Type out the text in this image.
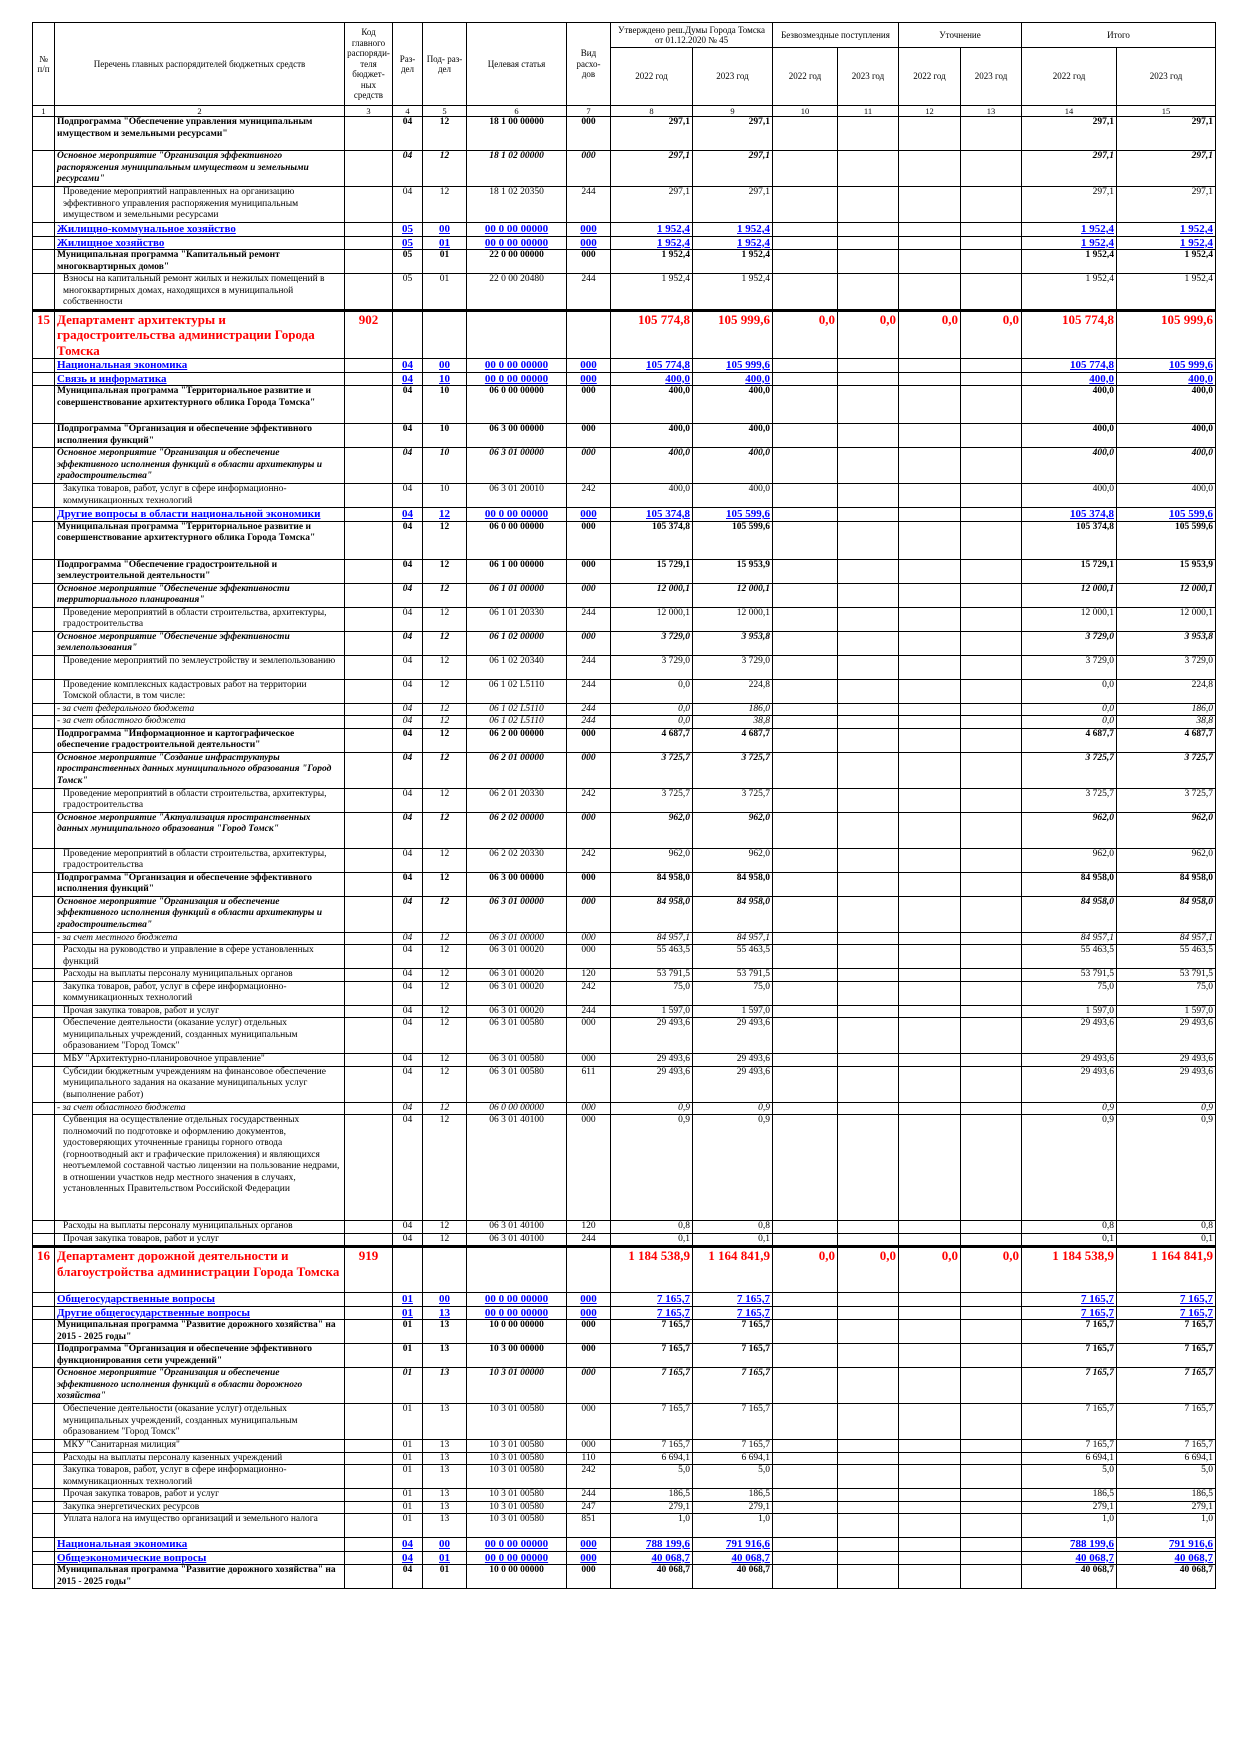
№ п/п	Перечень главных распорядителей бюджетных средств	Код главного распоряди- теля бюджет- ных средств	Раз- дел	Под- раз- дел	Целевая статья	Вид расхо- дов	Утверждено реш.Думы Города Томска от 01.12.2020 № 45		Безвозмездные поступления		Уточнение		Итого	
							2022 год	2023 год	2022 год	2023 год	2022 год	2023 год	2022 год	2023 год
1	2	3	4	5	6	7	8	9	10	11	12	13	14	15
	Подпрограмма "Обеспечение управления муниципальным имуществом и земельными ресурсами"		04	12	18 1 00 00000	000	297,1	297,1					297,1	297,1
	Основное мероприятие "Организация эффективного распоряжения муниципальным имуществом и земельными ресурсами"		04	12	18 1 02 00000	000	297,1	297,1					297,1	297,1
	Проведение мероприятий направленных на организацию эффективного управления распоряжения муниципальным имуществом и земельными ресурсами		04	12	18 1 02 20350	244	297,1	297,1					297,1	297,1
	Жилищно-коммунальное хозяйство		05	00	00 0 00 00000	000	1 952,4	1 952,4					1 952,4	1 952,4
	Жилищное хозяйство		05	01	00 0 00 00000	000	1 952,4	1 952,4					1 952,4	1 952,4
	Муниципальная программа "Капитальный ремонт многоквартирных домов"		05	01	22 0 00 00000	000	1 952,4	1 952,4					1 952,4	1 952,4
	Взносы на капитальный ремонт жилых и нежилых помещений в многоквартирных домах, находящихся в муниципальной собственности		05	01	22 0 00 20480	244	1 952,4	1 952,4					1 952,4	1 952,4
15	Департамент архитектуры и градостроительства администрации Города Томска	902					105 774,8	105 999,6	0,0	0,0	0,0	0,0	105 774,8	105 999,6
	Национальная экономика		04	00	00 0 00 00000	000	105 774,8	105 999,6					105 774,8	105 999,6
	Связь и информатика		04	10	00 0 00 00000	000	400,0	400,0					400,0	400,0
	Муниципальная программа "Территориальное развитие и совершенствование архитектурного облика Города Томска"		04	10	06 0 00 00000	000	400,0	400,0					400,0	400,0
	Подпрограмма "Организация и обеспечение эффективного исполнения функций"		04	10	06 3 00 00000	000	400,0	400,0					400,0	400,0
	Основное мероприятие "Организация и обеспечение эффективного исполнения функций в области архитектуры и градостроительства"		04	10	06 3 01 00000	000	400,0	400,0					400,0	400,0
	Закупка товаров, работ, услуг в сфере информационно-коммуникационных технологий		04	10	06 3 01 20010	242	400,0	400,0					400,0	400,0
	Другие вопросы в области национальной экономики		04	12	00 0 00 00000	000	105 374,8	105 599,6					105 374,8	105 599,6
	Муниципальная программа "Территориальное развитие и совершенствование архитектурного облика Города Томска"		04	12	06 0 00 00000	000	105 374,8	105 599,6					105 374,8	105 599,6
	Подпрограмма "Обеспечение градостроительной и землеустроительной деятельности"		04	12	06 1 00 00000	000	15 729,1	15 953,9					15 729,1	15 953,9
	Основное мероприятие "Обеспечение эффективности территориального планирования"		04	12	06 1 01 00000	000	12 000,1	12 000,1					12 000,1	12 000,1
	Проведение мероприятий в области строительства, архитектуры, градостроительства		04	12	06 1 01 20330	244	12 000,1	12 000,1					12 000,1	12 000,1
	Основное мероприятие "Обеспечение эффективности землепользования"		04	12	06 1 02 00000	000	3 729,0	3 953,8					3 729,0	3 953,8
	Проведение мероприятий по землеустройству и землепользованию		04	12	06 1 02 20340	244	3 729,0	3 729,0					3 729,0	3 729,0
	Проведение комплексных кадастровых работ на территории Томской области, в том числе:		04	12	06 1 02 L5110	244	0,0	224,8					0,0	224,8
	- за счет федерального бюджета		04	12	06 1 02 L5110	244	0,0	186,0					0,0	186,0
	- за счет областного бюджета		04	12	06 1 02 L5110	244	0,0	38,8					0,0	38,8
	Подпрограмма "Информационное и картографическое обеспечение градостроительной деятельности"		04	12	06 2 00 00000	000	4 687,7	4 687,7					4 687,7	4 687,7
	Основное мероприятие "Создание инфраструктуры пространственных данных муниципального образования "Город Томск"		04	12	06 2 01 00000	000	3 725,7	3 725,7					3 725,7	3 725,7
	Проведение мероприятий в области строительства, архитектуры, градостроительства		04	12	06 2 01 20330	242	3 725,7	3 725,7					3 725,7	3 725,7
	Основное мероприятие "Актуализация пространственных данных муниципального образования "Город Томск"		04	12	06 2 02 00000	000	962,0	962,0					962,0	962,0
	Проведение мероприятий в области строительства, архитектуры, градостроительства		04	12	06 2 02 20330	242	962,0	962,0					962,0	962,0
	Подпрограмма "Организация и обеспечение эффективного исполнения функций"		04	12	06 3 00 00000	000	84 958,0	84 958,0					84 958,0	84 958,0
	Основное мероприятие "Организация и обеспечение эффективного исполнения функций в области архитектуры и градостроительства"		04	12	06 3 01 00000	000	84 958,0	84 958,0					84 958,0	84 958,0
	- за счет местного бюджета		04	12	06 3 01 00000	000	84 957,1	84 957,1					84 957,1	84 957,1
	Расходы на руководство и управление в сфере установленных функций		04	12	06 3 01 00020	000	55 463,5	55 463,5					55 463,5	55 463,5
	Расходы на выплаты персоналу муниципальных органов		04	12	06 3 01 00020	120	53 791,5	53 791,5					53 791,5	53 791,5
	Закупка товаров, работ, услуг в сфере информационно-коммуникационных технологий		04	12	06 3 01 00020	242	75,0	75,0					75,0	75,0
	Прочая закупка товаров, работ и услуг		04	12	06 3 01 00020	244	1 597,0	1 597,0					1 597,0	1 597,0
	Обеспечение деятельности (оказание услуг) отдельных муниципальных учреждений, созданных муниципальным образованием "Город Томск"		04	12	06 3 01 00580	000	29 493,6	29 493,6					29 493,6	29 493,6
	МБУ "Архитектурно-планировочное управление"		04	12	06 3 01 00580	000	29 493,6	29 493,6					29 493,6	29 493,6
	Субсидии бюджетным учреждениям на финансовое обеспечение муниципального задания на оказание муниципальных услуг (выполнение работ)		04	12	06 3 01 00580	611	29 493,6	29 493,6					29 493,6	29 493,6
	- за счет областного бюджета		04	12	06 0 00 00000	000	0,9	0,9					0,9	0,9
	Субвенция на осуществление отдельных государственных полномочий по подготовке и оформлению документов, удостоверяющих уточненные границы горного отвода (горноотводный акт и графические приложения) и являющихся неотъемлемой составной частью лицензии на пользование недрами, в отношении участков недр местного значения в случаях, установленных Правительством Российской Федерации		04	12	06 3 01 40100	000	0,9	0,9					0,9	0,9
	Расходы на выплаты персоналу муниципальных органов		04	12	06 3 01 40100	120	0,8	0,8					0,8	0,8
	Прочая закупка товаров, работ и услуг		04	12	06 3 01 40100	244	0,1	0,1					0,1	0,1
16	Департамент дорожной деятельности и благоустройства администрации Города Томска	919					1 184 538,9	1 164 841,9	0,0	0,0	0,0	0,0	1 184 538,9	1 164 841,9
	Общегосударственные вопросы		01	00	00 0 00 00000	000	7 165,7	7 165,7					7 165,7	7 165,7
	Другие общегосударственные вопросы		01	13	00 0 00 00000	000	7 165,7	7 165,7					7 165,7	7 165,7
	Муниципальная программа "Развитие дорожного хозяйства" на 2015 - 2025 годы"		01	13	10 0 00 00000	000	7 165,7	7 165,7					7 165,7	7 165,7
	Подпрограмма "Организация и обеспечение эффективного функционирования сети учреждений"		01	13	10 3 00 00000	000	7 165,7	7 165,7					7 165,7	7 165,7
	Основное мероприятие "Организация и обеспечение эффективного исполнения функций в области дорожного хозяйства"		01	13	10 3 01 00000	000	7 165,7	7 165,7					7 165,7	7 165,7
	Обеспечение деятельности (оказание услуг) отдельных муниципальных учреждений, созданных муниципальным образованием "Город Томск"		01	13	10 3 01 00580	000	7 165,7	7 165,7					7 165,7	7 165,7
	МКУ "Санитарная милиция"		01	13	10 3 01 00580	000	7 165,7	7 165,7					7 165,7	7 165,7
	Расходы на выплаты персоналу казенных учреждений		01	13	10 3 01 00580	110	6 694,1	6 694,1					6 694,1	6 694,1
	Закупка товаров, работ, услуг в сфере информационно-коммуникационных технологий		01	13	10 3 01 00580	242	5,0	5,0					5,0	5,0
	Прочая закупка товаров, работ и услуг		01	13	10 3 01 00580	244	186,5	186,5					186,5	186,5
	Закупка энергетических ресурсов		01	13	10 3 01 00580	247	279,1	279,1					279,1	279,1
	Уплата налога на имущество организаций и земельного налога		01	13	10 3 01 00580	851	1,0	1,0					1,0	1,0
	Национальная экономика		04	00	00 0 00 00000	000	788 199,6	791 916,6					788 199,6	791 916,6
	Общеэкономические вопросы		04	01	00 0 00 00000	000	40 068,7	40 068,7					40 068,7	40 068,7
	Муниципальная программа "Развитие дорожного хозяйства" на 2015 - 2025 годы"		04	01	10 0 00 00000	000	40 068,7	40 068,7					40 068,7	40 068,7
